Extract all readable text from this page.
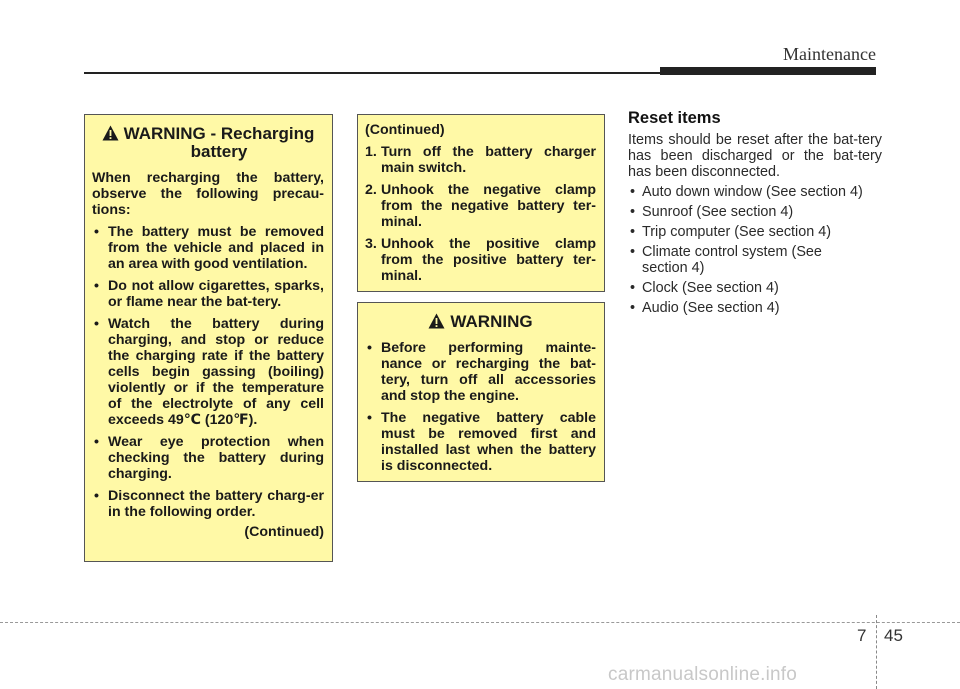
Maintenance
WARNING - Recharging
battery

When recharging the battery, observe the following precau-tions:

• The battery must be removed from the vehicle and placed in an area with good ventilation.
• Do not allow cigarettes, sparks, or flame near the bat-tery.
• Watch the battery during charging, and stop or reduce the charging rate if the battery cells begin gassing (boiling) violently or if the temperature of the electrolyte of any cell exceeds 49℃ (120℉).
• Wear eye protection when checking the battery during charging.
• Disconnect the battery charg-er in the following order.

(Continued)

(Continued)

1. Turn off the battery charger main switch.
2. Unhook the negative clamp from the negative battery ter-minal.
3. Unhook the positive clamp from the positive battery ter-minal.
WARNING
• Before performing mainte-nance or recharging the bat-tery, turn off all accessories and stop the engine.
• The negative battery cable must be removed first and installed last when the battery is disconnected.
Reset items

Items should be reset after the bat-tery has been discharged or the bat-tery has been disconnected.

• Auto down window (See section 4)
• Sunroof (See section 4)
• Trip computer (See section 4)
• Climate control system (See section 4)
• Clock (See section 4)
• Audio (See section 4)
7 45
carmanualsonline.info
